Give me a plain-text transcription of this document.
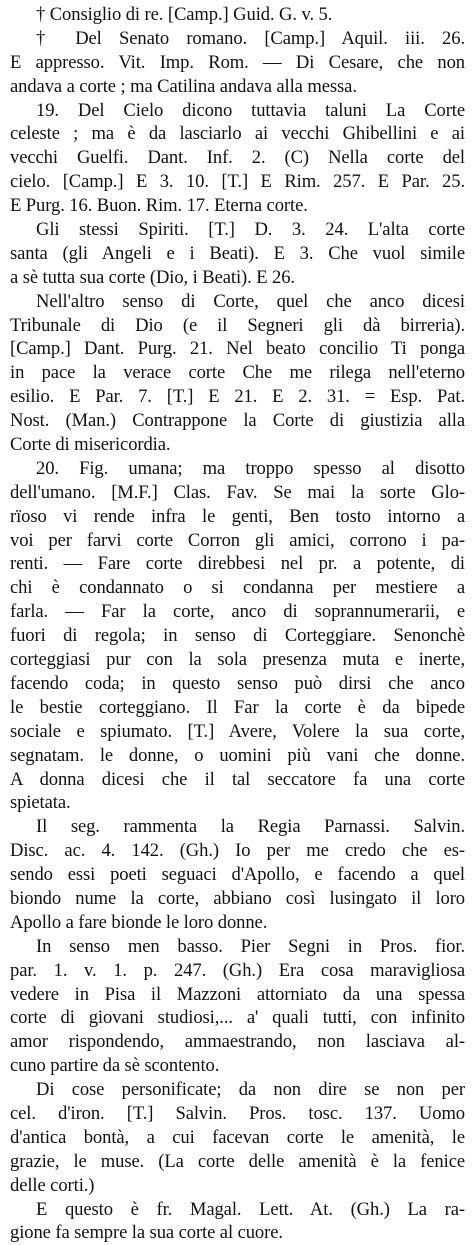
† Consiglio di re. [Camp.] Guid. G. v. 5.
† Del Senato romano. [Camp.] Aquil. iii. 26.
E appresso. Vit. Imp. Rom. — Di Cesare, che non
andava a corte ; ma Catilina andava alla messa.
19. Del Cielo dicono tuttavia taluni La Corte
celeste ; ma è da lasciarlo ai vecchi Ghibellini e ai
vecchi Guelfi. Dant. Inf. 2. (C) Nella corte del
cielo. [Camp.] E 3. 10. [T.] E Rim. 257. E Par. 25.
E Purg. 16. Buon. Rim. 17. Eterna corte.
Gli stessi Spiriti. [T.] D. 3. 24. L'alta corte
santa (gli Angeli e i Beati). E 3. Che vuol simile
a sè tutta sua corte (Dio, i Beati). E 26.
Nell'altro senso di Corte, quel che anco dicesi
Tribunale di Dio (e il Segneri gli dà birreria).
[Camp.] Dant. Purg. 21. Nel beato concilio Ti ponga
in pace la verace corte Che me rilega nell'eterno
esilio. E Par. 7. [T.] E 21. E 2. 31. = Esp. Pat.
Nost. (Man.) Contrappone la Corte di giustizia alla
Corte di misericordia.
20. Fig. umana; ma troppo spesso al disotto
dell'umano. [M.F.] Clas. Fav. Se mai la sorte Glo-
rïoso vi rende infra le genti, Ben tosto intorno a
voi per farvi corte Corron gli amici, corrono i pa-
renti. — Fare corte direbbesi nel pr. a potente, di
chi è condannato o si condanna per mestiere a
farla. — Far la corte, anco di soprannumerarii, e
fuori di regola; in senso di Corteggiare. Senonchè
corteggiasi pur con la sola presenza muta e inerte,
facendo coda; in questo senso può dirsi che anco
le bestie corteggiano. Il Far la corte è da bipede
sociale e spiumato. [T.] Avere, Volere la sua corte,
segnatam. le donne, o uomini più vani che donne.
A donna dicesi che il tal seccatore fa una corte
spietata.
Il seg. rammenta la Regia Parnassi. Salvin.
Disc. ac. 4. 142. (Gh.) Io per me credo che es-
sendo essi poeti seguaci d'Apollo, e facendo a quel
biondo nume la corte, abbiano così lusingato il loro
Apollo a fare bionde le loro donne.
In senso men basso. Pier Segni in Pros. fior.
par. 1. v. 1. p. 247. (Gh.) Era cosa maravigliosa
vedere in Pisa il Mazzoni attorniato da una spessa
corte di giovani studiosi,... a' quali tutti, con infinito
amor rispondendo, ammaestrando, non lasciava al-
cuno partire da sè scontento.
Di cose personificate; da non dire se non per
cel. d'iron. [T.] Salvin. Pros. tosc. 137. Uomo
d'antica bontà, a cui facevan corte le amenità, le
grazie, le muse. (La corte delle amenità è la fenice
delle corti.)
E questo è fr. Magal. Lett. At. (Gh.) La ra-
gione fa sempre la sua corte al cuore.
